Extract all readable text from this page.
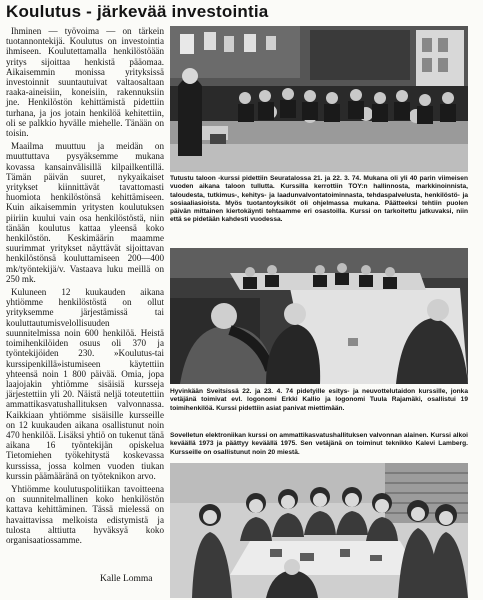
Koulutus - järkevää investointia

Ihminen — työvoima — on tärkein tuotannontekijä. Koulutus on investointia ihmiseen. Koulutettamalla henkilöstöään yritys sijoittaa henkistä pääomaa. Aikaisemmin monissa yrityksissä investoinnit suuntautuivat valtaosaltaan raaka-aineisiin, koneisiin, rakennuksiin jne. Henkilöstön kehittämistä pidettiin turhana, ja jos jotain henkilöä kehitettiin, oli se palkkio hyvälle miehelle. Tänään on toisin.

Maailma muuttuu ja meidän on muuttuttava pysyäksemme mukana kovassa kansainvälisillä kilpailkentillä. Tämän päivän suuret, nykyaikaiset yritykset kiinnittävät tavattomasti huomiota henkilöstönsä kehittämiseen. Kuin aikaisemmin yritysten koulutuksen piiriin kuului vain osa henkilöstöstä, niin tänään koulutus kattaa yleensä koko henkilöstön. Keskimäärin maamme suurimmat yritykset näyttävät sijoittavan henkilöstönsä kouluttamiseen 200—400 mk/työntekijä/v. Vastaava luku meillä on 250 mk.

Kuluneen 12 kuukauden aikana yhtiömme henkilöstöstä on ollut yrityksemme järjestämissä tai kouluttautumisvelollisuuden suunnitelmissa noin 600 henkilöä. Heistä toimihenkilöiden osuus oli 370 ja työntekijöiden 230. »Koulutus-tai kurssipenkillä»istumiseen käytettiin yhteensä noin 1 800 päivää. Omia, jopa laajojakin yhtiömme sisäisiä kursseja järjestettiin yli 20. Näistä neljä toteutettiin ammattikasvatushallituksen valvonnassa. Kaikkiaan yhtiömme sisäisille kursseille on 12 kuukauden aikana osallistunut noin 470 henkilöä. Lisäksi yhtiö on tukenut tänä aikana 16 työntekijän opiskelua Tietomiehen työkehitystä koskevassa kurssissa, jossa kolmen vuoden tiukan kurssin päämääränä on työteknikon arvo.

Yhtiömme koulutuspolitiikan tavoitteena on suunnitelmallinen koko henkilöstön kattava kehittäminen. Tässä mielessä on havaittavissa melkoista edistymistä ja tulosta alttiutta hyväksyä koko organisaatiossamme.

Kalle Lomma

Tutustu taloon -kurssi pidettiin Seuratalossa 21. ja 22. 3. 74. Mukana oli yli 40 parin viimeisen vuoden aikana taloon tullutta. Kurssilla kerrottiin TOY:n hallinnosta, markkinoinnista, taloudesta, tutkimus-, kehitys- ja laadunvalvontatoiminnasta, tehdaspalvelusta, henkilöstö- ja sosiaaliasioista. Myös tuotantoyksiköt oli ohjelmassa mukana. Päätteeksi tehtiin puolen päivän mittainen kiertokäynti tehtaamme eri osastoilla. Kurssi on tarkoitettu jatkuvaksi, niin että se pidetään kahdesti vuodessa.

Hyvinkään Sveitsissä 22. ja 23. 4. 74 pidetyille esitys- ja neuvottelutaidon kurssille, jonka vetäjänä toimivat evl. logonomi Erkki Kallio ja logonomi Tuula Rajamäki, osallistui 19 toimihenkilöä. Kurssi pidettiin asiat panivat miettimään.

Sovelletun elektroniikan kurssi on ammattikasvatushallituksen valvonnan alainen. Kurssi alkoi keväällä 1973 ja päättyy keväällä 1975. Sen vetäjänä on toiminut teknikko Kalevi Lamberg. Kursseille on osallistunut noin 20 miestä.
